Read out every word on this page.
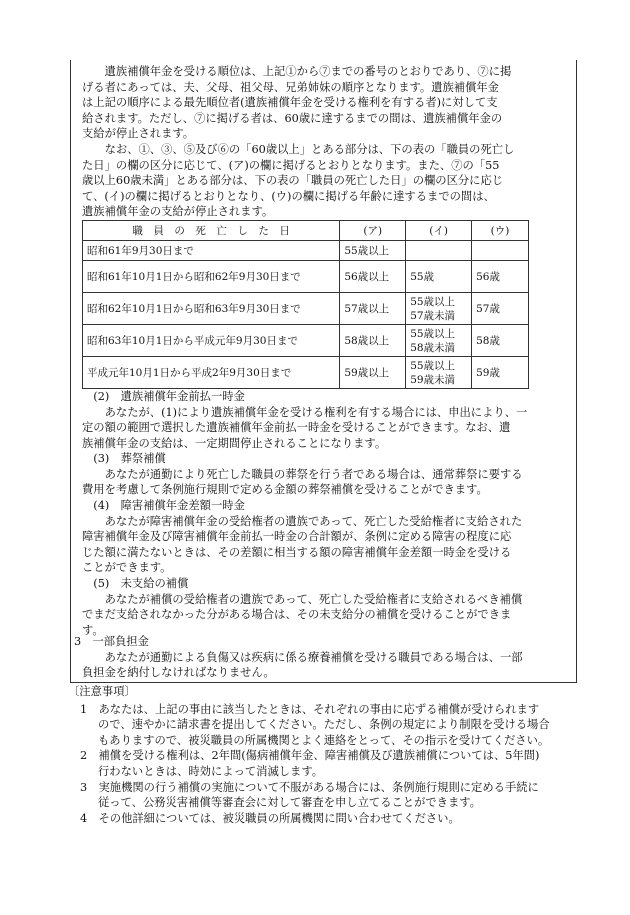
遺族補償年金を受ける順位は、上記①から⑦までの番号のとおりであり、⑦に掲

げる者にあっては、夫、父母、祖父母、兄弟姉妹の順序となります。遺族補償年金

は上記の順序による最先順位者(遺族補償年金を受ける権利を有する者)に対して支

給されます。ただし、⑦に掲げる者は、60歳に達するまでの間は、遺族補償年金の

支給が停止されます。

なお、①、③、⑤及び⑥の「60歳以上」とある部分は、下の表の「職員の死亡し

た日」の欄の区分に応じて、(ア)の欄に掲げるとおりとなります。また、⑦の「55

歳以上60歳未満」とある部分は、下の表の「職員の死亡した日」の欄の区分に応じ

て、(イ)の欄に掲げるとおりとなり、(ウ)の欄に掲げる年齢に達するまでの間は、

遺族補償年金の支給が停止されます。

職　員　の　死　亡　し　た　日	(ア)	(イ)	(ウ)
昭和61年9月30日まで	55歳以上		
昭和61年10月1日から昭和62年9月30日まで	56歳以上	55歳	56歳
昭和62年10月1日から昭和63年9月30日まで	57歳以上	55歳以上
57歳未満	57歳
昭和63年10月1日から平成元年9月30日まで	58歳以上	55歳以上
58歳未満	58歳
平成元年10月1日から平成2年9月30日まで	59歳以上	55歳以上
59歳未満	59歳

(2)　遺族補償年金前払一時金

あなたが、(1)により遺族補償年金を受ける権利を有する場合には、申出により、一

定の額の範囲で選択した遺族補償年金前払一時金を受けることができます。なお、遺

族補償年金の支給は、一定期間停止されることになります。

(3)　葬祭補償

あなたが通勤により死亡した職員の葬祭を行う者である場合は、通常葬祭に要する

費用を考慮して条例施行規則で定める金額の葬祭補償を受けることができます。

(4)　障害補償年金差額一時金

あなたが障害補償年金の受給権者の遺族であって、死亡した受給権者に支給された

障害補償年金及び障害補償年金前払一時金の合計額が、条例に定める障害の程度に応

じた額に満たないときは、その差額に相当する額の障害補償年金差額一時金を受ける

ことができます。

(5)　未支給の補償

あなたが補償の受給権者の遺族であって、死亡した受給権者に支給されるべき補償

でまだ支給されなかった分がある場合は、その未支給分の補償を受けることができま

す。

3　一部負担金

あなたが通勤による負傷又は疾病に係る療養補償を受ける職員である場合は、一部

負担金を納付しなければなりません。

〔注意事項〕

1　あなたは、上記の事由に該当したときは、それぞれの事由に応ずる補償が受けられます

ので、速やかに請求書を提出してください。ただし、条例の規定により制限を受ける場合

もありますので、被災職員の所属機関とよく連絡をとって、その指示を受けてください。

2　補償を受ける権利は、2年間(傷病補償年金、障害補償及び遺族補償については、5年間)

行わないときは、時効によって消滅します。

3　実施機関の行う補償の実施について不服がある場合には、条例施行規則に定める手続に

従って、公務災害補償等審査会に対して審査を申し立てることができます。

4　その他詳細については、被災職員の所属機関に問い合わせてください。
